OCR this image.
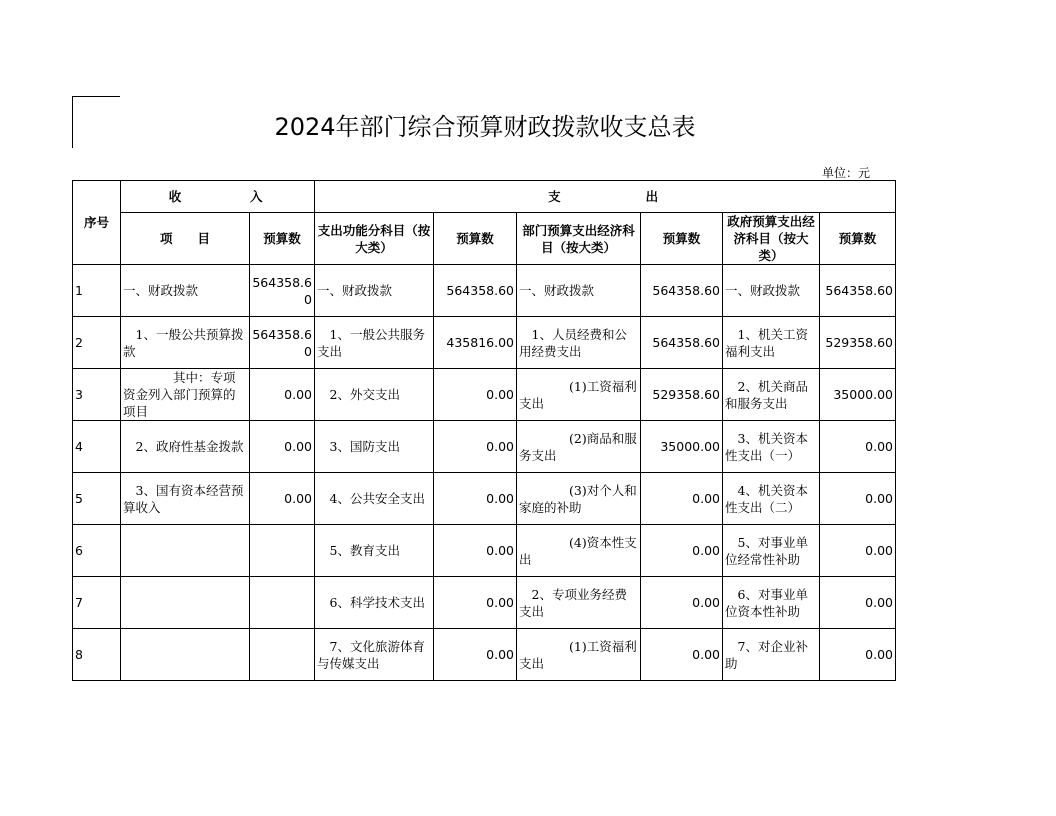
2024年部门综合预算财政拨款收支总表
单位：元
序号	收　　　　入		支　　　　　出					
	项　　目	预算数	支出功能分科目（按大类）	预算数	部门预算支出经济科目（按大类）	预算数	政府预算支出经济科目（按大类）	预算数
1	一、财政拨款	564358.60	一、财政拨款	564358.60	一、财政拨款	564358.60	一、财政拨款	564358.60
2	1、一般公共预算拨款	564358.60	1、一般公共服务支出	435816.00	1、人员经费和公用经费支出	564358.60	1、机关工资福利支出	529358.60
3	其中：专项资金列入部门预算的项目	0.00	2、外交支出	0.00	(1)工资福利支出	529358.60	2、机关商品和服务支出	35000.00
4	2、政府性基金拨款	0.00	3、国防支出	0.00	(2)商品和服务支出	35000.00	3、机关资本性支出（一）	0.00
5	3、国有资本经营预算收入	0.00	4、公共安全支出	0.00	(3)对个人和家庭的补助	0.00	4、机关资本性支出（二）	0.00
6			5、教育支出	0.00	(4)资本性支出	0.00	5、对事业单位经常性补助	0.00
7			6、科学技术支出	0.00	2、专项业务经费支出	0.00	6、对事业单位资本性补助	0.00
8			7、文化旅游体育与传媒支出	0.00	(1)工资福利支出	0.00	7、对企业补助	0.00
